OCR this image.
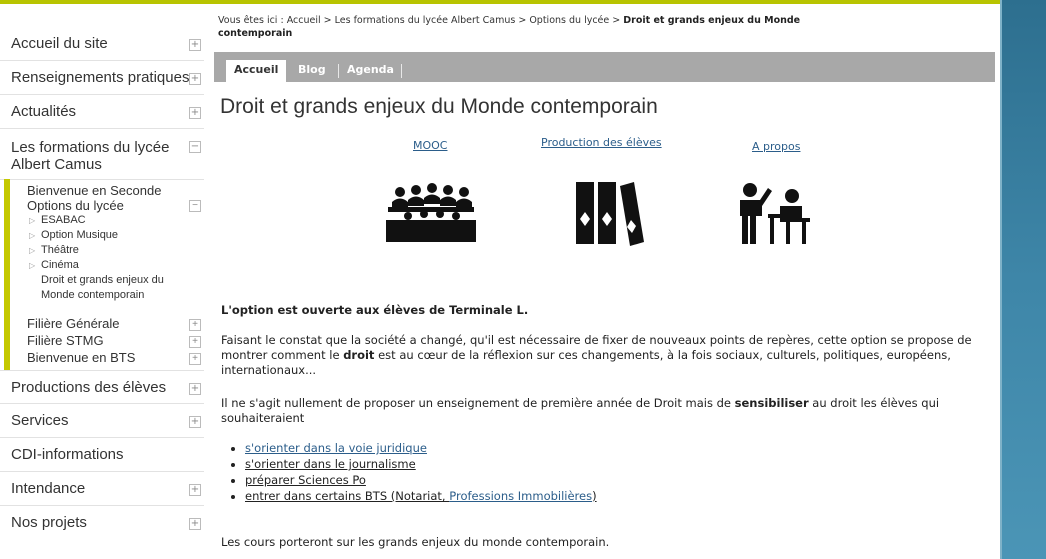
Accueil du site	+
Renseignements pratiques +
Actualités	+
Les formations du lycée
Albert Camus
−
Bienvenue en Seconde
Options du lycée	−
▷ ESABAC
▷ Option Musique
▷ Théâtre
▷ Cinéma
Droit et grands enjeux du
Monde contemporain
Filière Générale	+
Filière STMG	+
Bienvenue en BTS	+
Productions des élèves +
Services	+
CDI-informations
Intendance	+
Nos projets	+
Vous êtes ici : Accueil > Les formations du lycée Albert Camus > Options du lycée > Droit et grands enjeux du Monde
contemporain
Accueil	Blog	Agenda
Droit et grands enjeux du Monde contemporain
MOOC	Production des élèves	A propos
L'option est ouverte aux élèves de Terminale L.
Faisant le constat que la société a changé, qu'il est nécessaire de fixer de nouveaux points de repères, cette option se propose de montrer comment le droit est au cœur de la réflexion sur ces changements, à la fois sociaux, culturels, politiques, européens, internationaux...
Il ne s'agit nullement de proposer un enseignement de première année de Droit mais de sensibiliser au droit les élèves qui souhaiteraient
• s'orienter dans la voie juridique
• s'orienter dans le journalisme
• préparer Sciences Po
• entrer dans certains BTS (Notariat, Professions Immobilières)
Les cours porteront sur les grands enjeux du monde contemporain.
